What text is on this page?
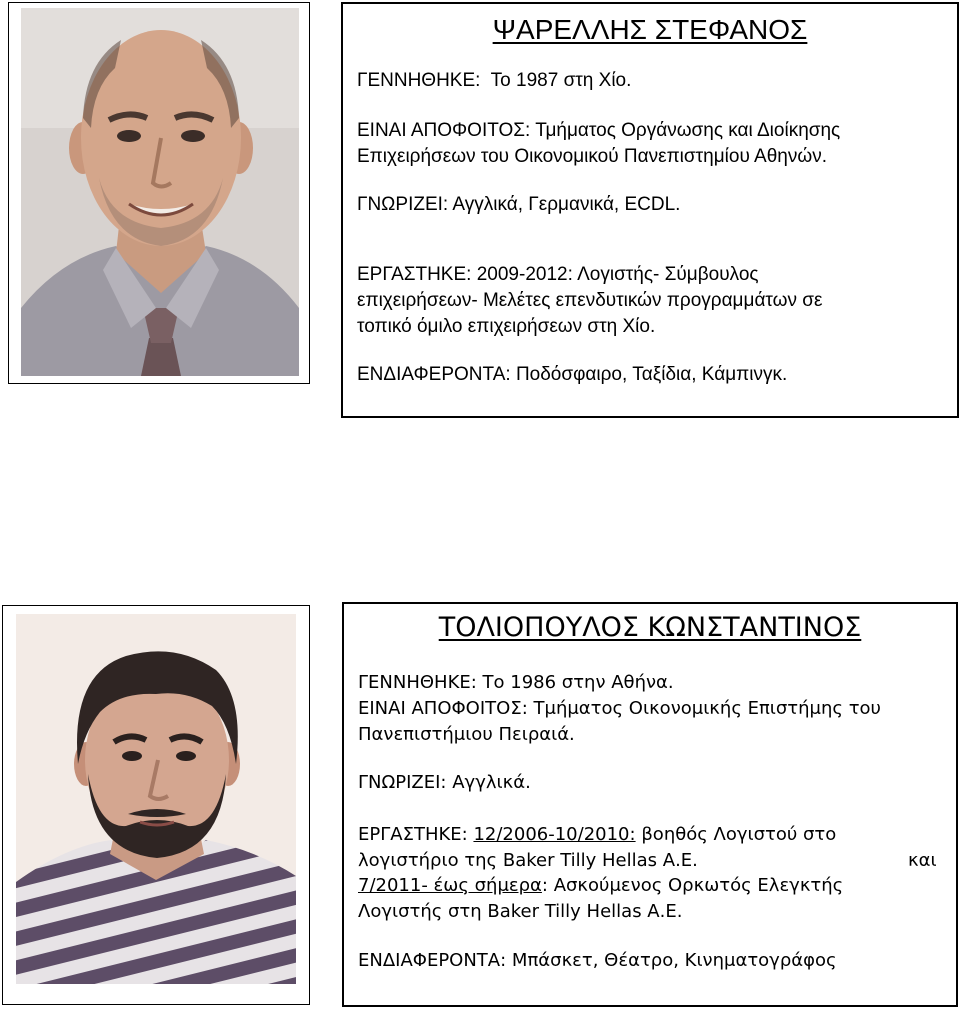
ΨΑΡΕΛΛΗΣ ΣΤΕΦΑΝΟΣ

ΓΕΝΝΗΘΗΚΕ: Το 1987 στη Χίο.

ΕΙΝΑΙ ΑΠΟΦΟΙΤΟΣ: Τμήματος Οργάνωσης και Διοίκησης

Επιχειρήσεων του Οικονομικού Πανεπιστημίου Αθηνών.

ΓΝΩΡΙΖΕΙ: Αγγλικά, Γερμανικά, ECDL.

ΕΡΓΑΣΤΗΚΕ: 2009-2012: Λογιστής- Σύμβουλος

επιχειρήσεων- Μελέτες επενδυτικών προγραμμάτων σε

τοπικό όμιλο επιχειρήσεων στη Χίο.

ΕΝΔΙΑΦΕΡΟΝΤΑ: Ποδόσφαιρο, Ταξίδια, Κάμπινγκ.

ΤΟΛΙΟΠΟΥΛΟΣ ΚΩΝΣΤΑΝΤΙΝΟΣ

ΓΕΝΝΗΘΗΚΕ: Το 1986 στην Αθήνα.

ΕΙΝΑΙ ΑΠΟΦΟΙΤΟΣ: Τμήματος Οικονομικής Επιστήμης του

Πανεπιστήμιου Πειραιά.

ΓΝΩΡΙΖΕΙ: Αγγλικά.

ΕΡΓΑΣΤΗΚΕ: 12/2006-10/2010: βοηθός Λογιστού στο

λογιστήριο της Baker Tilly Hellas Α.Ε.	και

7/2011- έως σήμερα: Ασκούμενος Ορκωτός Ελεγκτής

Λογιστής στη Baker Tilly Hellas Α.Ε.

ΕΝΔΙΑΦΕΡΟΝΤΑ: Μπάσκετ, Θέατρο, Κινηματογράφος
